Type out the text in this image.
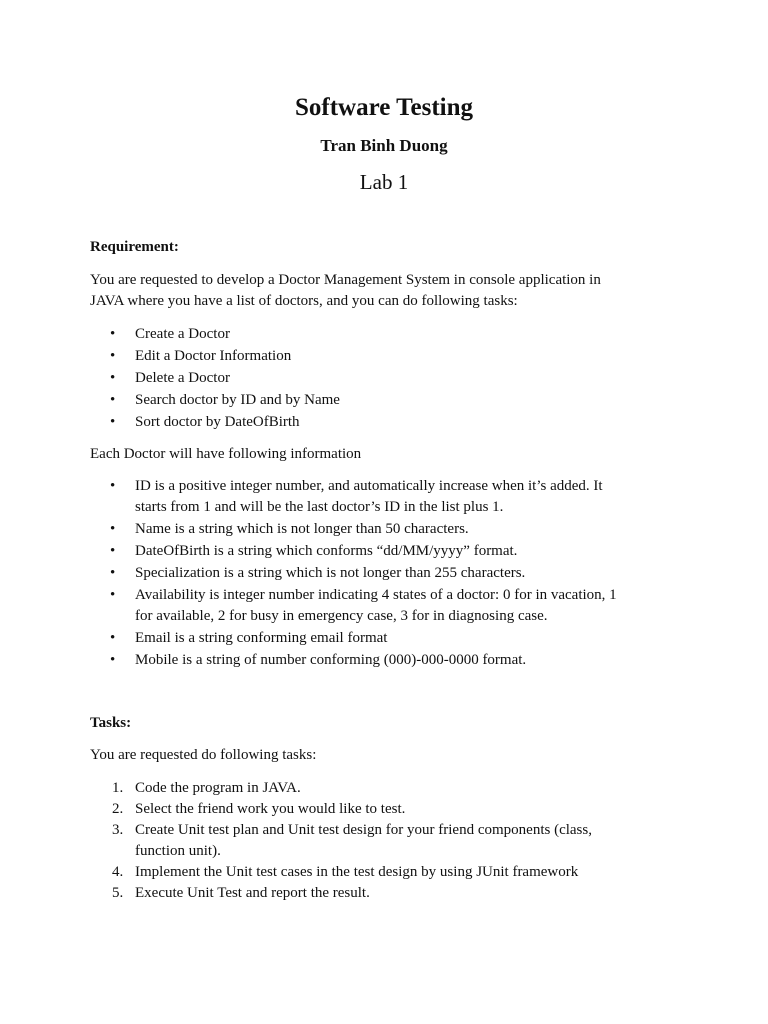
Software Testing

Tran Binh Duong

Lab 1

Requirement:

You are requested to develop a Doctor Management System in console application in
JAVA where you have a list of doctors, and you can do following tasks:

• Create a Doctor
• Edit a Doctor Information
• Delete a Doctor
• Search doctor by ID and by Name
• Sort doctor by DateOfBirth

Each Doctor will have following information

• ID is a positive integer number, and automatically increase when it’s added. It
starts from 1 and will be the last doctor’s ID in the list plus 1.
• Name is a string which is not longer than 50 characters.
• DateOfBirth is a string which conforms “dd/MM/yyyy” format.
• Specialization is a string which is not longer than 255 characters.
• Availability is integer number indicating 4 states of a doctor: 0 for in vacation, 1
for available, 2 for busy in emergency case, 3 for in diagnosing case.
• Email is a string conforming email format
• Mobile is a string of number conforming (000)-000-0000 format.

Tasks:

You are requested do following tasks:

1. Code the program in JAVA.
2. Select the friend work you would like to test.
3. Create Unit test plan and Unit test design for your friend components (class,
function unit).
4. Implement the Unit test cases in the test design by using JUnit framework
5. Execute Unit Test and report the result.
